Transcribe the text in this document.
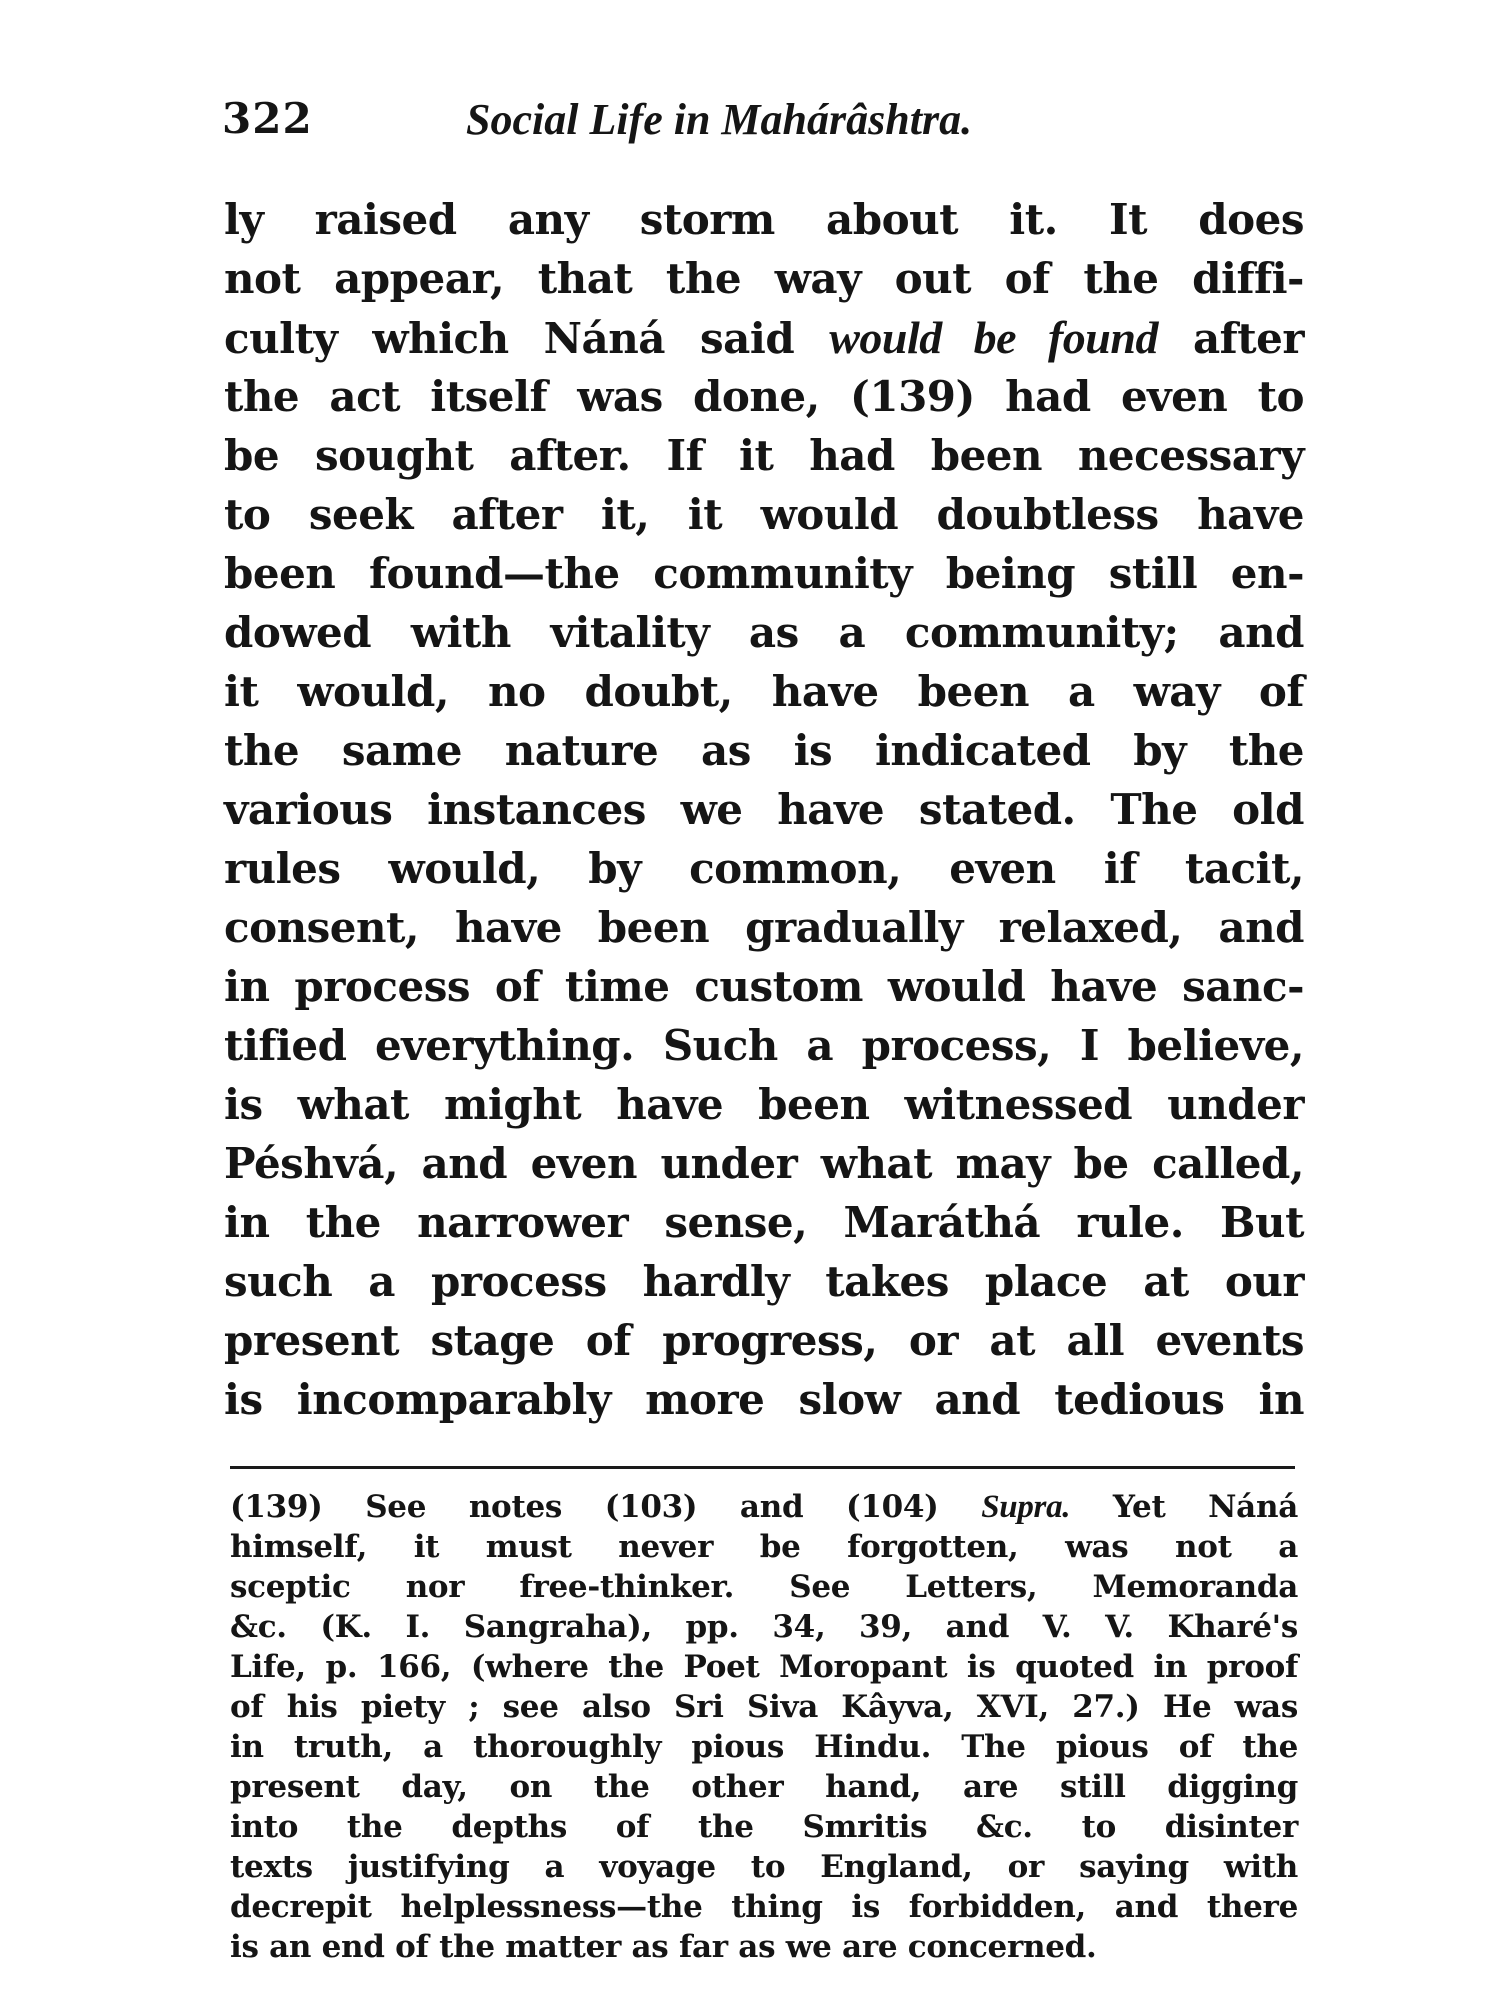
322	Social Life in Mahárâshtra.
ly raised any storm about it. It does
not appear, that the way out of the diffi-
culty which Náná said would be found after
the act itself was done, (139) had even to
be sought after. If it had been necessary
to seek after it, it would doubtless have
been found—the community being still en-
dowed with vitality as a community; and
it would, no doubt, have been a way of
the same nature as is indicated by the
various instances we have stated. The old
rules would, by common, even if tacit,
consent, have been gradually relaxed, and
in process of time custom would have sanc-
tified everything. Such a process, I believe,
is what might have been witnessed under
Péshvá, and even under what may be called,
in the narrower sense, Maráthá rule. But
such a process hardly takes place at our
present stage of progress, or at all events
is incomparably more slow and tedious in
(139) See notes (103) and (104) Supra. Yet Náná
himself, it must never be forgotten, was not a
sceptic nor free-thinker. See Letters, Memoranda
&c. (K. I. Sangraha), pp. 34, 39, and V. V. Kharé's
Life, p. 166, (where the Poet Moropant is quoted in proof
of his piety ; see also Sri Siva Kâyva, XVI, 27.) He was
in truth, a thoroughly pious Hindu. The pious of the
present day, on the other hand, are still digging
into the depths of the Smritis &c. to disinter
texts justifying a voyage to England, or saying with
decrepit helplessness—the thing is forbidden, and there
is an end of the matter as far as we are concerned.
